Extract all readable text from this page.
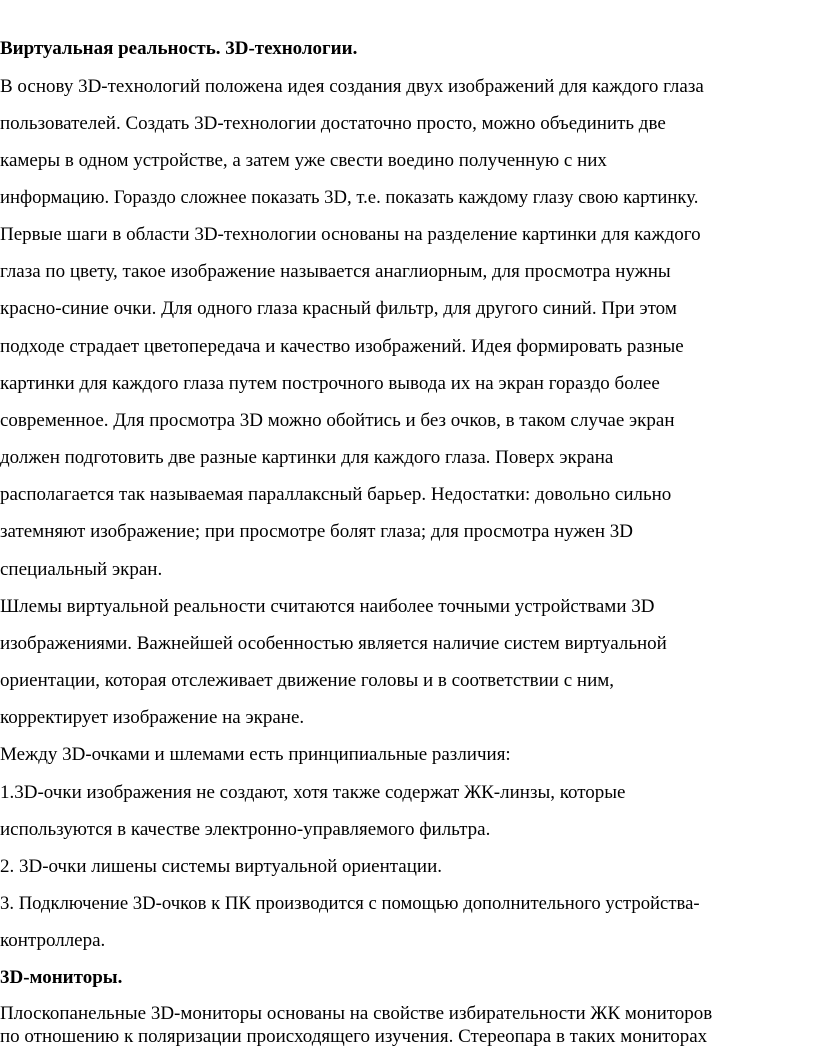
Виртуальная реальность. 3D-технологии.
В основу 3D-технологий положена идея создания двух изображений для каждого глаза
пользователей. Создать 3D-технологии достаточно просто, можно объединить две
камеры в одном устройстве, а затем уже свести воедино полученную с них
информацию. Гораздо сложнее показать 3D, т.е. показать каждому глазу свою картинку.
Первые шаги в области 3D-технологии основаны на разделение картинки для каждого
глаза по цвету, такое изображение называется анаглиорным, для просмотра нужны
красно-синие очки. Для одного глаза красный фильтр, для другого синий. При этом
подходе страдает цветопередача и качество изображений. Идея формировать разные
картинки для каждого глаза путем построчного вывода их на экран гораздо более
современное. Для просмотра 3D можно обойтись и без очков, в таком случае экран
должен подготовить две разные картинки для каждого глаза. Поверх экрана
располагается так называемая параллаксный барьер. Недостатки: довольно сильно
затемняют изображение; при просмотре болят глаза; для просмотра нужен 3D
специальный экран.
Шлемы виртуальной реальности считаются наиболее точными устройствами 3D
изображениями. Важнейшей особенностью является наличие систем виртуальной
ориентации, которая отслеживает движение головы и в соответствии с ним,
корректирует изображение на экране.
Между 3D-очками и шлемами есть принципиальные различия:
1.3D-очки изображения не создают, хотя также содержат ЖК-линзы, которые
используются в качестве электронно-управляемого фильтра.
2. 3D-очки лишены системы виртуальной ориентации.
3. Подключение 3D-очков к ПК производится с помощью дополнительного устройства-
контроллера.
3D-мониторы.
Плоскопанельные 3D-мониторы основаны на свойстве избирательности ЖК мониторов
по отношению к поляризации происходящего изучения. Стереопара в таких мониторах
